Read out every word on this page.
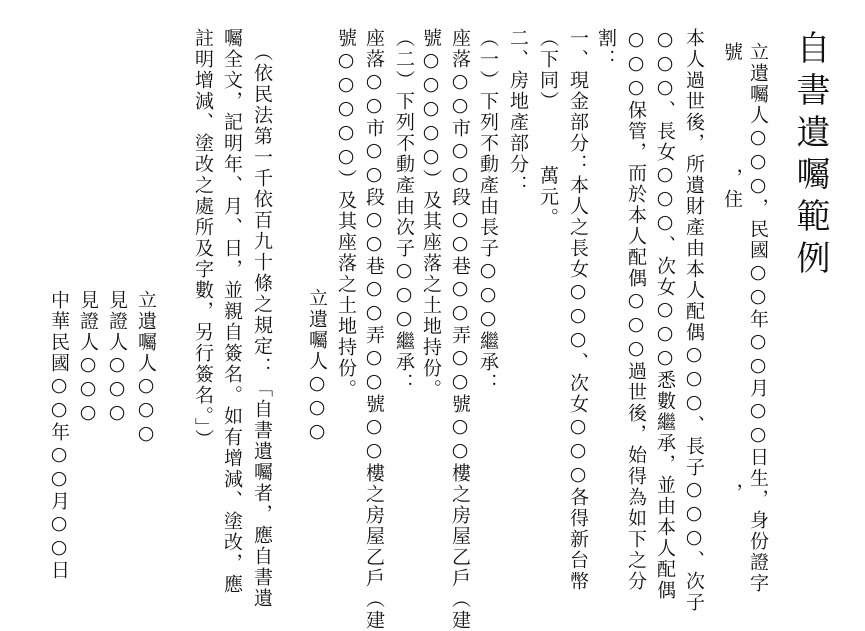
自書遺囑範例
立遺囑人○○○，民國○○年○○月○○日生，身份證字
號　　　　　，住　　　　　　　　　　　　　，
本人過世後，所遺財產由本人配偶○○○、長子○○○、次子
○○○、長女○○○、次女○○○悉數繼承，並由本人配偶
○○○保管，而於本人配偶○○○過世後，始得為如下之分
割：
一、現金部分：本人之長女○○○、次女○○○各得新台幣
（下同）　　　萬元。
二、房地產部分：
（一）下列不動產由長子○○○繼承：
座落○○市○○段○○巷○○弄○○號○○樓之房屋乙戶（建
號○○○○○）及其座落之土地持份。
（二）下列不動產由次子○○○繼承：
座落○○市○○段○○巷○○弄○○號○○樓之房屋乙戶（建
號○○○○○）及其座落之土地持份。
立遺囑人○○○
（依民法第一千依百九十條之規定：「自書遺囑者，應自書遺
囑全文，記明年、月、日，並親自簽名。如有增減、塗改，應
註明增減、塗改之處所及字數，另行簽名。」）
立遺囑人○○○
見證人○○○
見證人○○○
中華民國○○年○○月○○日
